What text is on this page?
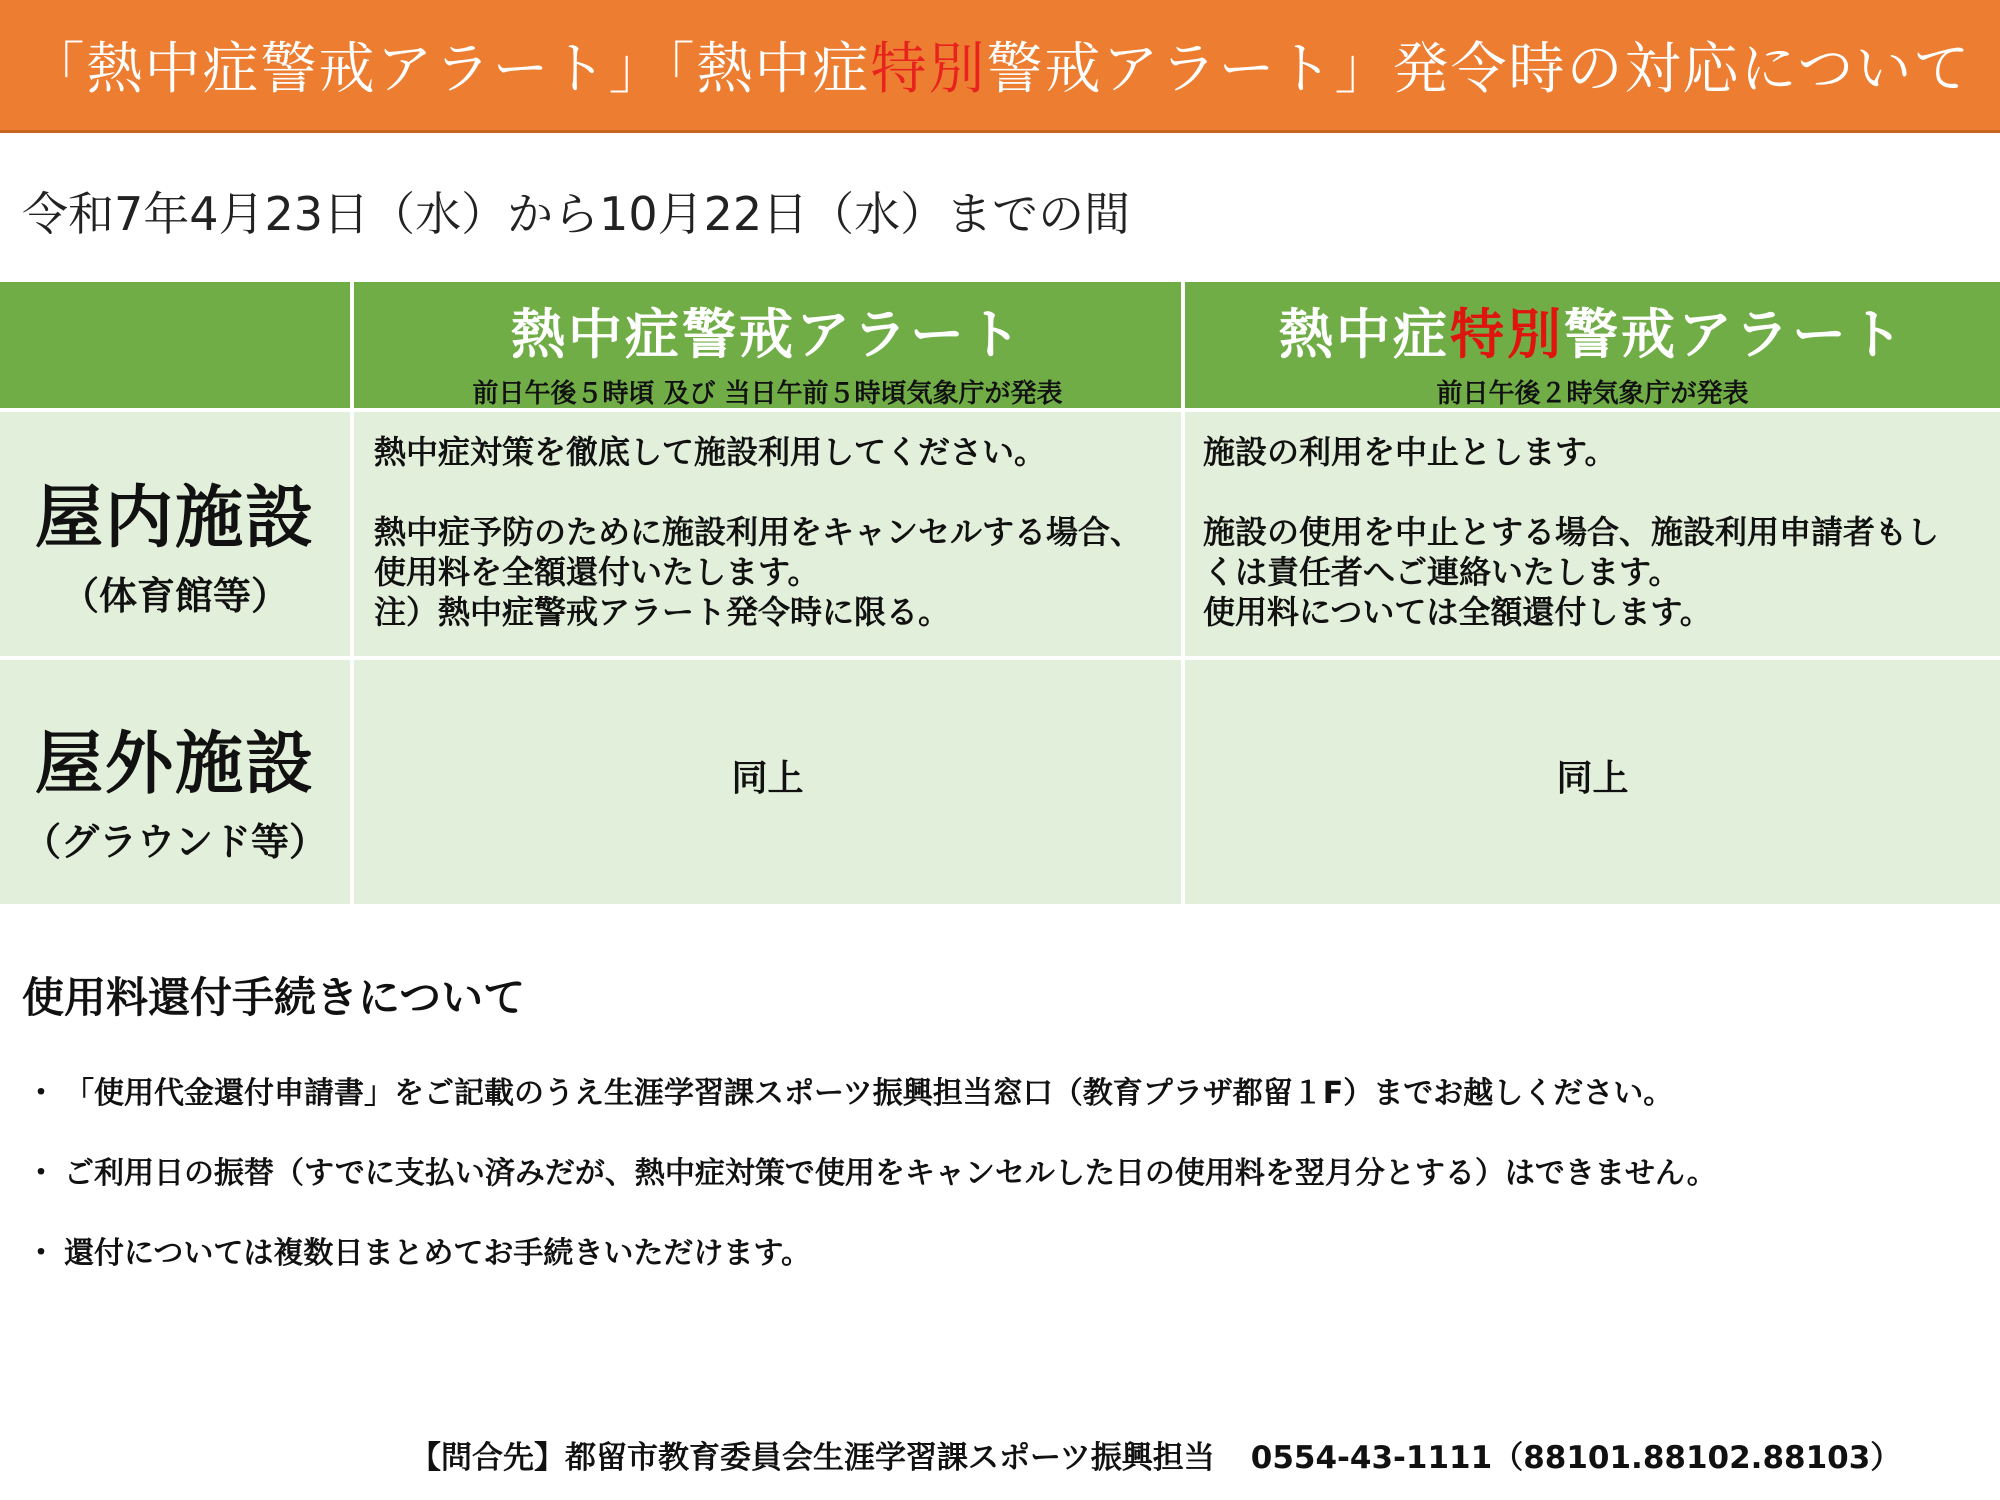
「熱中症警戒アラート」「熱中症 特別 警戒アラート」発令時の対応について
令和7年4月23日（水）から10月22日（水）までの間
熱中症警戒アラート
前日午後５時頃 及び 当日午前５時頃気象庁が発表
熱中症特別警戒アラート
前日午後２時気象庁が発表
屋内施設
（体育館等）
熱中症対策を徹底して施設利用してください。
熱中症予防のために施設利用をキャンセルする場合、
使用料を全額還付いたします。
注）熱中症警戒アラート発令時に限る。
施設の利用を中止とします。
施設の使用を中止とする場合、施設利用申請者もし
くは責任者へご連絡いたします。
使用料については全額還付します。
屋外施設
（グラウンド等）
同上	同上
使用料還付手続きについて
・ 「使用代金還付申請書」をご記載のうえ生涯学習課スポーツ振興担当窓口（教育プラザ都留１F）までお越しください。
・ ご利用日の振替（すでに支払い済みだが、熱中症対策で使用をキャンセルした日の使用料を翌月分とする）はできません。
・ 還付については複数日まとめてお手続きいただけます。
【問合先】都留市教育委員会生涯学習課スポーツ振興担当 0554-43-1111（88101.88102.88103）
